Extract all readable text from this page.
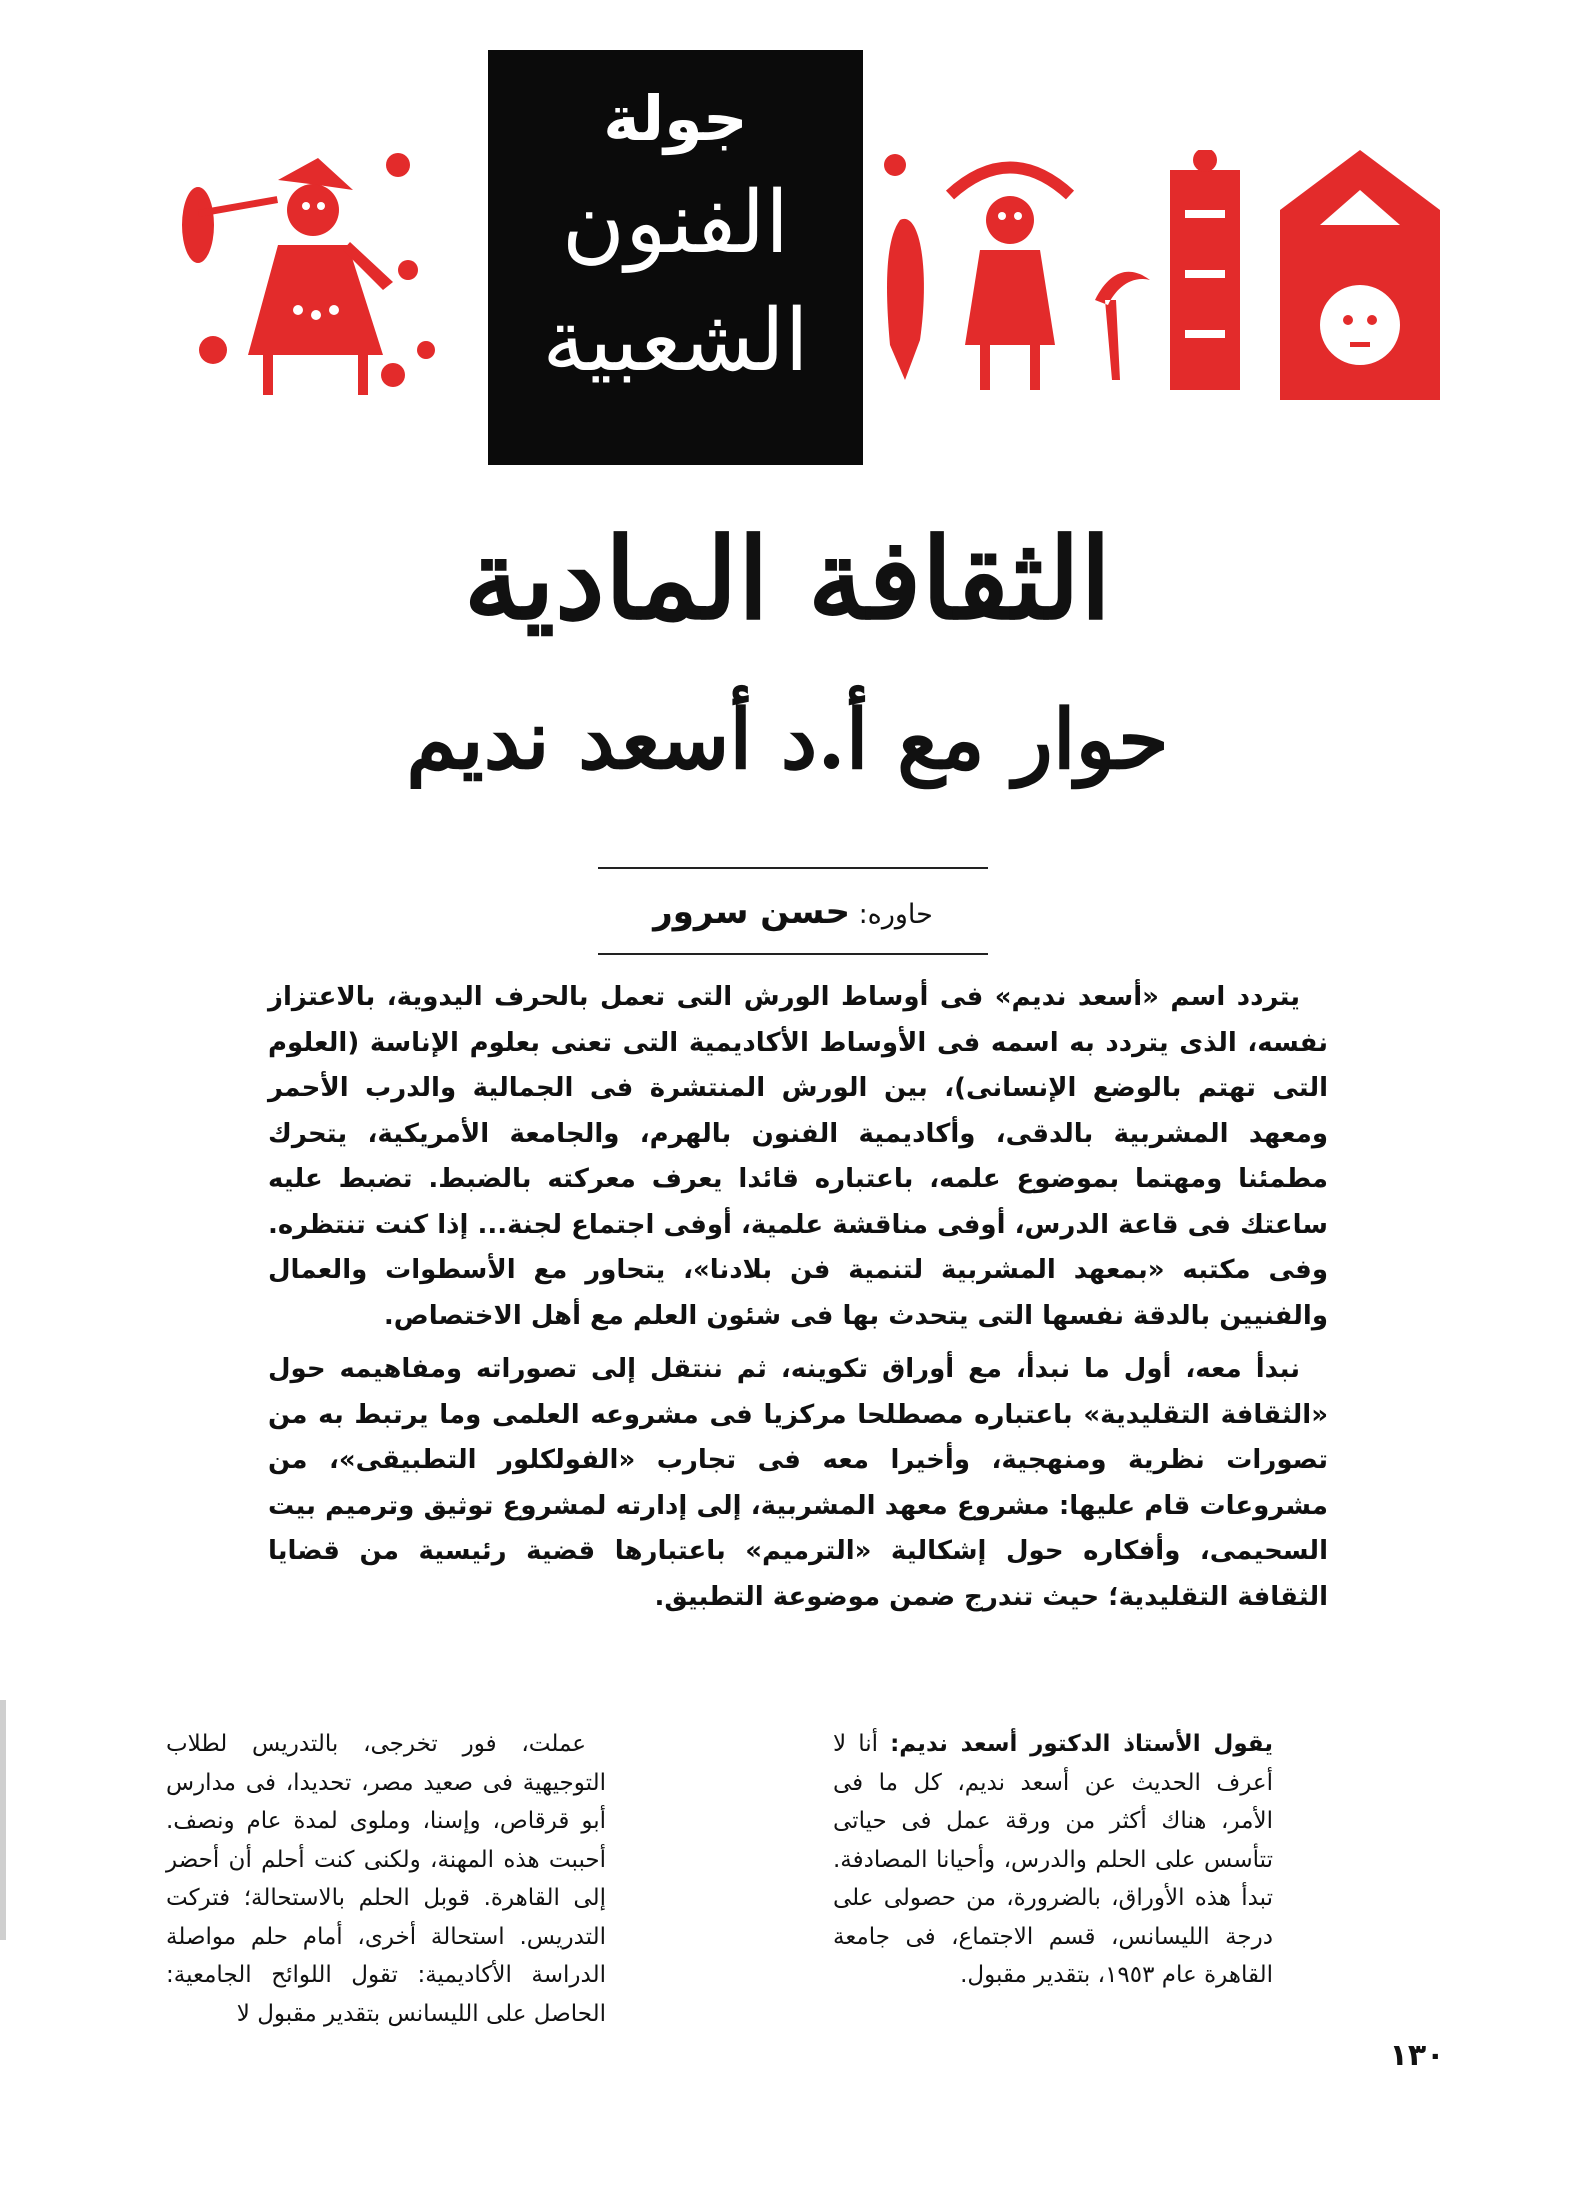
جولة
الفنون
الشعبية
الثقافة المادية
حوار مع أ.د أسعد نديم
حاوره: حسن سرور

يتردد اسم «أسعد نديم» فى أوساط الورش التى تعمل بالحرف اليدوية، بالاعتزاز نفسه، الذى يتردد به اسمه فى الأوساط الأكاديمية التى تعنى بعلوم الإناسة (العلوم التى تهتم بالوضع الإنسانى)، بين الورش المنتشرة فى الجمالية والدرب الأحمر ومعهد المشربية بالدقى، وأكاديمية الفنون بالهرم، والجامعة الأمريكية، يتحرك مطمئنا ومهتما بموضوع علمه، باعتباره قائدا يعرف معركته بالضبط. تضبط عليه ساعتك فى قاعة الدرس، أوفى مناقشة علمية، أوفى اجتماع لجنة... إذا كنت تنتظره. وفى مكتبه «بمعهد المشربية لتنمية فن بلادنا»، يتحاور مع الأسطوات والعمال والفنيين بالدقة نفسها التى يتحدث بها فى شئون العلم مع أهل الاختصاص.

نبدأ معه، أول ما نبدأ، مع أوراق تكوينه، ثم ننتقل إلى تصوراته ومفاهيمه حول «الثقافة التقليدية» باعتباره مصطلحا مركزيا فى مشروعه العلمى وما يرتبط به من تصورات نظرية ومنهجية، وأخيرا معه فى تجارب «الفولكلور التطبيقى»، من مشروعات قام عليها: مشروع معهد المشربية، إلى إدارته لمشروع توثيق وترميم بيت السحيمى، وأفكاره حول إشكالية «الترميم» باعتبارها قضية رئيسية من قضايا الثقافة التقليدية؛ حيث تندرج ضمن موضوعة التطبيق.

يقول الأستاذ الدكتور أسعد نديم: أنا لا أعرف الحديث عن أسعد نديم، كل ما فى الأمر، هناك أكثر من ورقة عمل فى حياتى تتأسس على الحلم والدرس، وأحيانا المصادفة. تبدأ هذه الأوراق، بالضرورة، من حصولى على درجة الليسانس، قسم الاجتماع، فى جامعة القاهرة عام ١٩٥٣، بتقدير مقبول.
عملت، فور تخرجى، بالتدريس لطلاب التوجيهية فى صعيد مصر، تحديدا، فى مدارس أبو قرقاص، وإسنا، وملوى لمدة عام ونصف. أحببت هذه المهنة، ولكنى كنت أحلم أن أحضر إلى القاهرة. قوبل الحلم بالاستحالة؛ فتركت التدريس. استحالة أخرى، أمام حلم مواصلة الدراسة الأكاديمية: تقول اللوائح الجامعية: الحاصل على الليسانس بتقدير مقبول لا
١٣٠
